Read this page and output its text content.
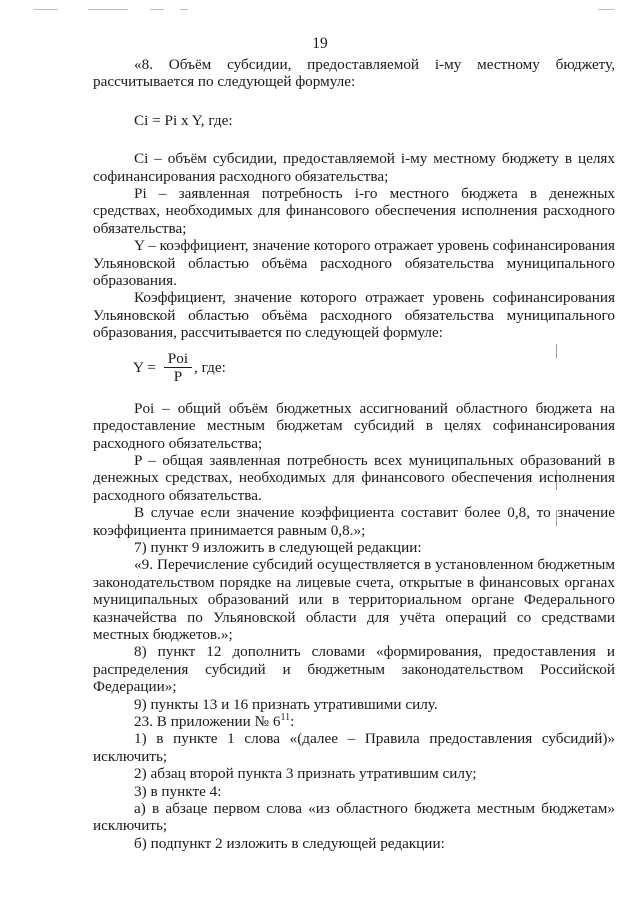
19

«8. Объём субсидии, предоставляемой i-му местному бюджету, рассчитывается по следующей формуле:

Ci = Pi x Y, где:

Ci – объём субсидии, предоставляемой i-му местному бюджету в целях софинансирования расходного обязательства;

Pi – заявленная потребность i-го местного бюджета в денежных средствах, необходимых для финансового обеспечения исполнения расходного обязательства;

Y – коэффициент, значение которого отражает уровень софинансирования Ульяновской областью объёма расходного обязательства муниципального образования.

Коэффициент, значение которого отражает уровень софинансирования Ульяновской областью объёма расходного обязательства муниципального образования, рассчитывается по следующей формуле:

$Y = \frac{\text{Poi}}{P}$ , где:

Poi – общий объём бюджетных ассигнований областного бюджета на предоставление местным бюджетам субсидий в целях софинансирования расходного обязательства;

P – общая заявленная потребность всех муниципальных образований в денежных средствах, необходимых для финансового обеспечения исполнения расходного обязательства.

В случае если значение коэффициента составит более 0,8, то значение коэффициента принимается равным 0,8.»;

7) пункт 9 изложить в следующей редакции:

«9. Перечисление субсидий осуществляется в установленном бюджетным законодательством порядке на лицевые счета, открытые в финансовых органах муниципальных образований или в территориальном органе Федерального казначейства по Ульяновской области для учёта операций со средствами местных бюджетов.»;

8) пункт 12 дополнить словами «формирования, предоставления и распределения субсидий и бюджетным законодательством Российской Федерации»;

9) пункты 13 и 16 признать утратившими силу.

23. В приложении № $6^{11}$:

1) в пункте 1 слова «(далее – Правила предоставления субсидий)» исключить;

2) абзац второй пункта 3 признать утратившим силу;

3) в пункте 4:

а) в абзаце первом слова «из областного бюджета местным бюджетам» исключить;

б) подпункт 2 изложить в следующей редакции:
